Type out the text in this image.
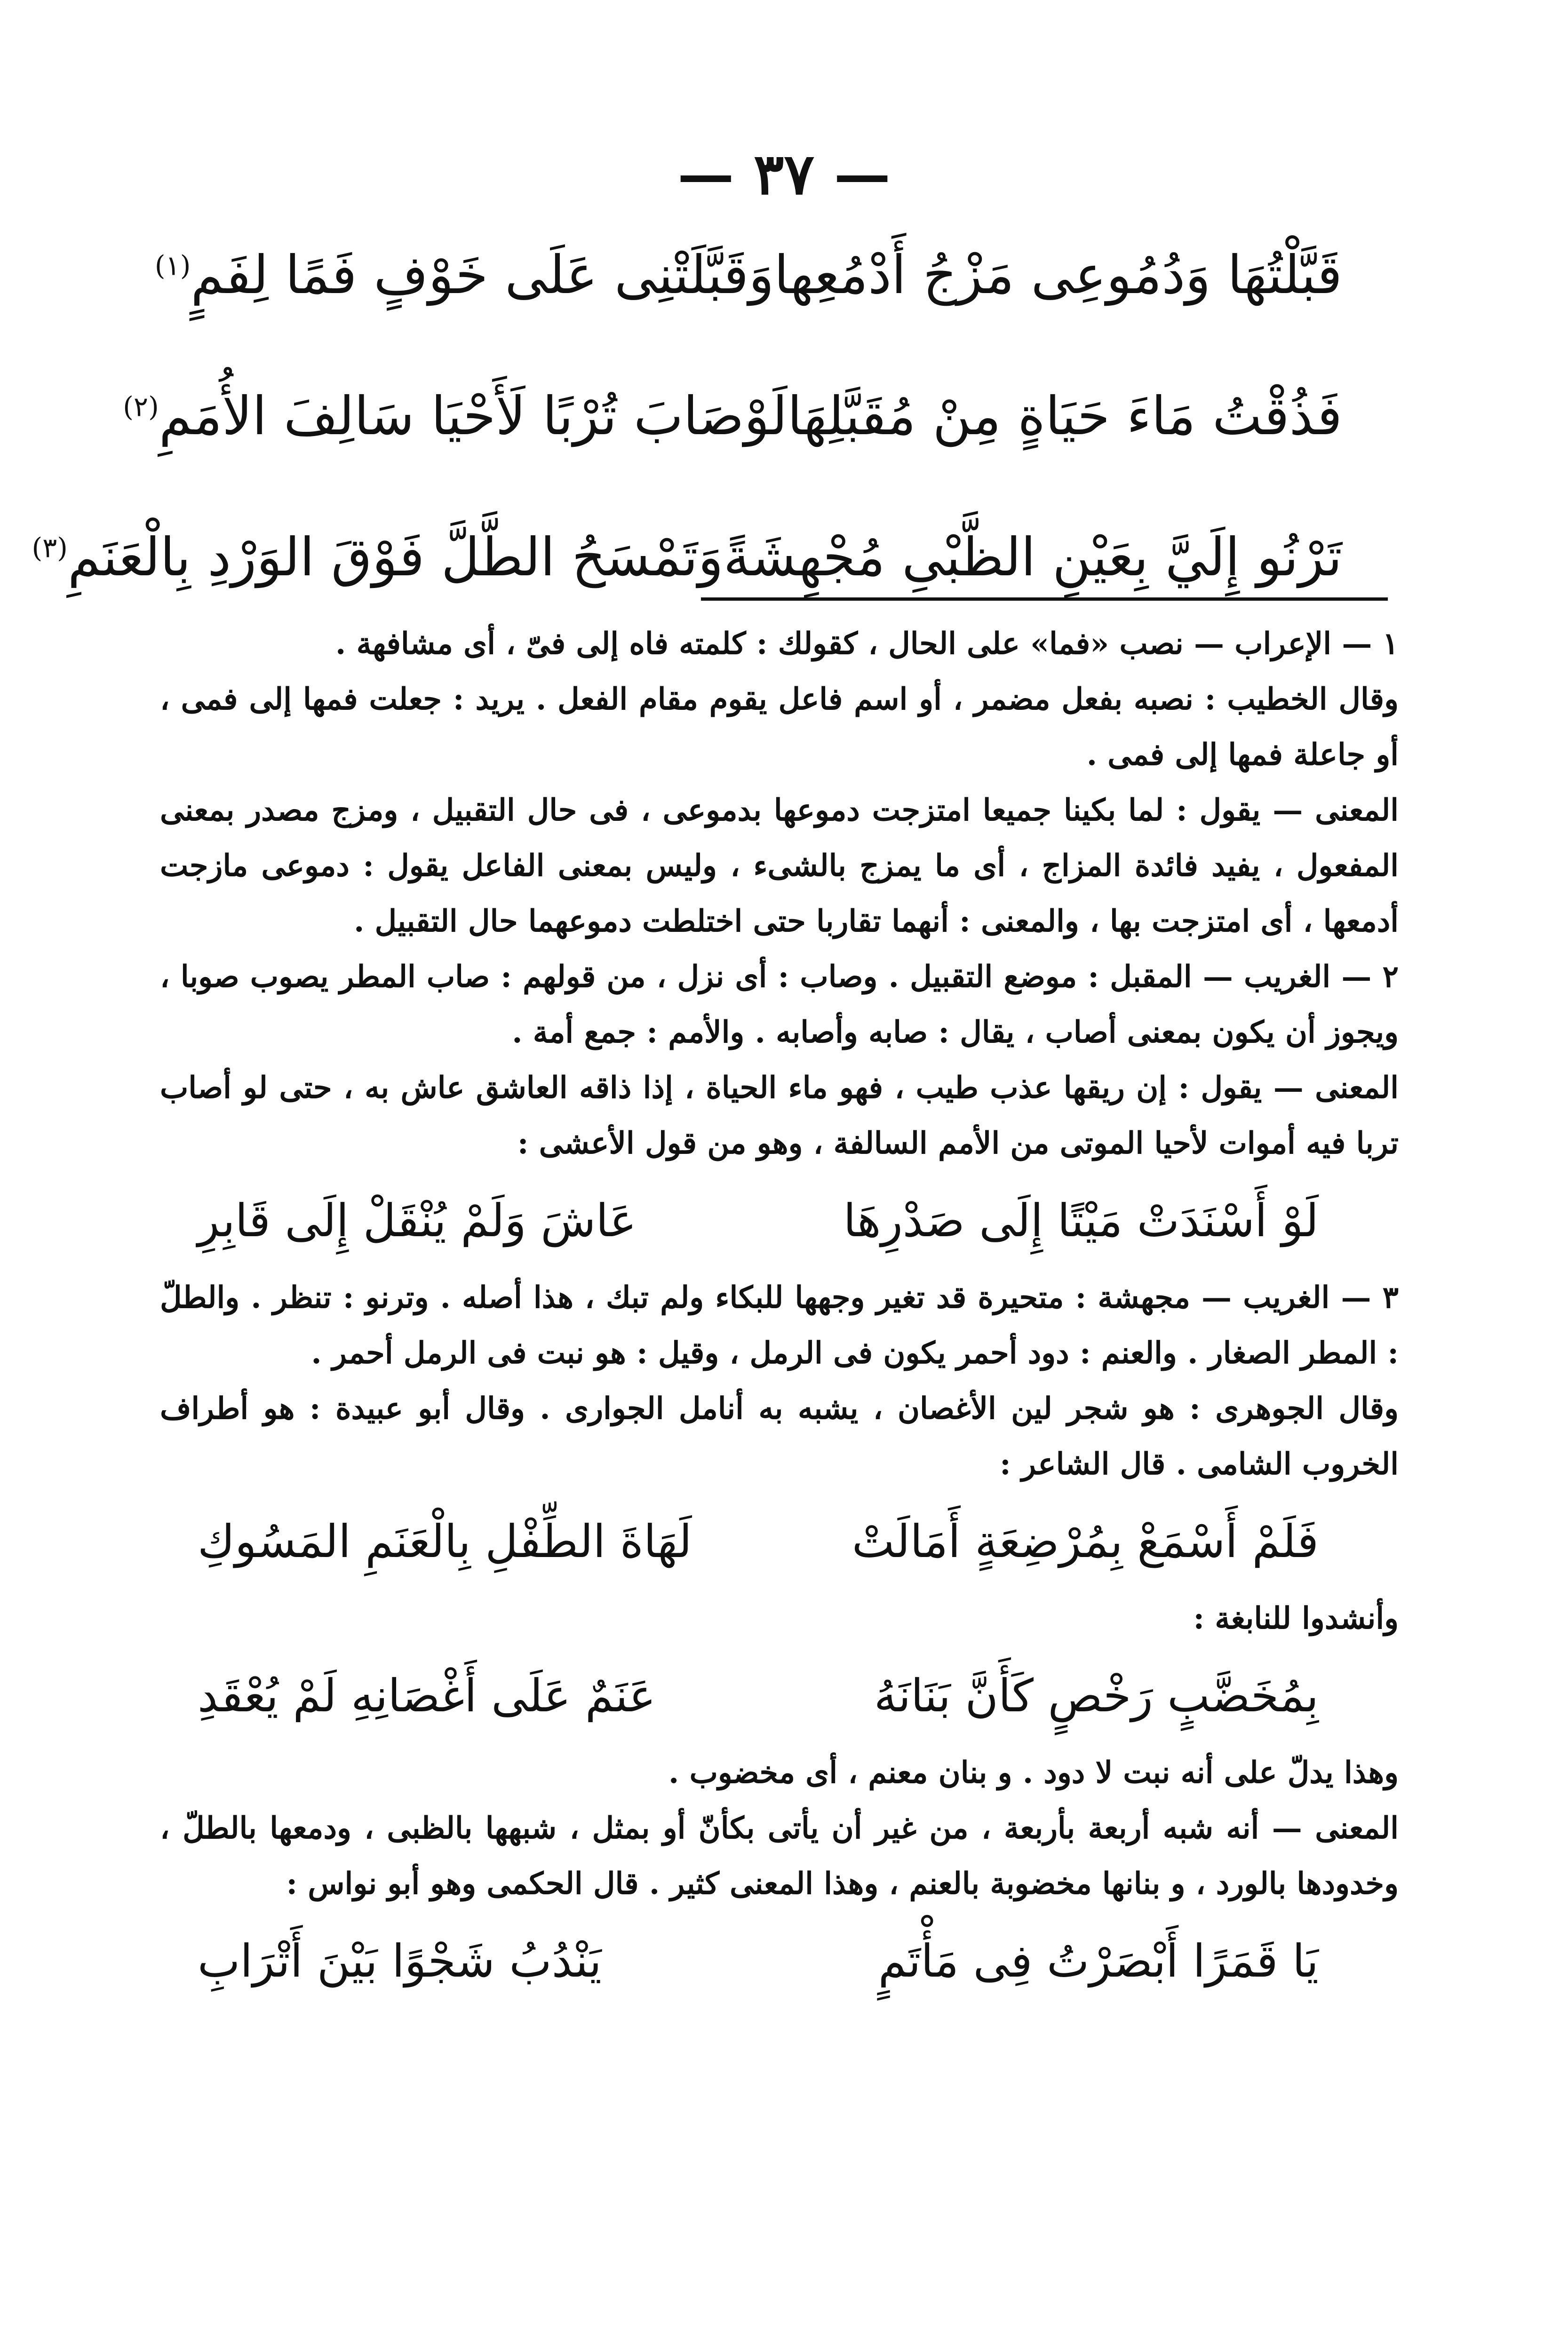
— ٣٧ —
قَبَّلْتُهَا وَدُمُوعِى مَزْجُ أَدْمُعِها
وَقَبَّلَتْنِى عَلَى خَوْفٍ فَمًا لِفَمٍ$^{(١)}$
فَذُقْتُ مَاءَ حَيَاةٍ مِنْ مُقَبَّلِهَا
لَوْصَابَ تُرْبًا لَأَحْيَا سَالِفَ الأُمَمِ$^{(٢)}$
تَرْنُو إِلَيَّ بِعَيْنِ الظَّبْىِ مُجْهِشَةً
وَتَمْسَحُ الطَّلَّ فَوْقَ الوَرْدِ بِالْعَنَمِ$^{(٣)}$

١ — الإعراب — نصب «فما» على الحال ، كقولك : كلمته فاه إلى فىّ ، أى مشافهة .

وقال الخطيب : نصبه بفعل مضمر ، أو اسم فاعل يقوم مقام الفعل . يريد : جعلت فمها إلى فمى ، أو جاعلة فمها إلى فمى .

المعنى — يقول : لما بكينا جميعا امتزجت دموعها بدموعى ، فى حال التقبيل ، ومزج مصدر بمعنى المفعول ، يفيد فائدة المزاج ، أى ما يمزج بالشىء ، وليس بمعنى الفاعل يقول : دموعى مازجت أدمعها ، أى امتزجت بها ، والمعنى : أنهما تقاربا حتى اختلطت دموعهما حال التقبيل .

٢ — الغريب — المقبل : موضع التقبيل . وصاب : أى نزل ، من قولهم : صاب المطر يصوب صوبا ، ويجوز أن يكون بمعنى أصاب ، يقال : صابه وأصابه . والأمم : جمع أمة .

المعنى — يقول : إن ريقها عذب طيب ، فهو ماء الحياة ، إذا ذاقه العاشق عاش به ، حتى لو أصاب تربا فيه أموات لأحيا الموتى من الأمم السالفة ، وهو من قول الأعشى :

لَوْ أَسْنَدَتْ مَيْتًا إِلَى صَدْرِهَا
عَاشَ وَلَمْ يُنْقَلْ إِلَى قَابِرِ

٣ — الغريب — مجهشة : متحيرة قد تغير وجهها للبكاء ولم تبك ، هذا أصله . وترنو : تنظر . والطلّ : المطر الصغار . والعنم : دود أحمر يكون فى الرمل ، وقيل : هو نبت فى الرمل أحمر .

وقال الجوهرى : هو شجر لين الأغصان ، يشبه به أنامل الجوارى . وقال أبو عبيدة : هو أطراف الخروب الشامى . قال الشاعر :

فَلَمْ أَسْمَعْ بِمُرْضِعَةٍ أَمَالَتْ
لَهَاةَ الطِّفْلِ بِالْعَنَمِ المَسُوكِ

وأنشدوا للنابغة :

بِمُخَضَّبٍ رَخْصٍ كَأَنَّ بَنَانَهُ
عَنَمٌ عَلَى أَغْصَانِهِ لَمْ يُعْقَدِ

وهذا يدلّ على أنه نبت لا دود . و بنان معنم ، أى مخضوب .

المعنى — أنه شبه أربعة بأربعة ، من غير أن يأتى بكأنّ أو بمثل ، شبهها بالظبى ، ودمعها بالطلّ ، وخدودها بالورد ، و بنانها مخضوبة بالعنم ، وهذا المعنى كثير . قال الحكمى وهو أبو نواس :

يَا قَمَرًا أَبْصَرْتُ فِى مَأْتَمٍ
يَنْدُبُ شَجْوًا بَيْنَ أَتْرَابِ
